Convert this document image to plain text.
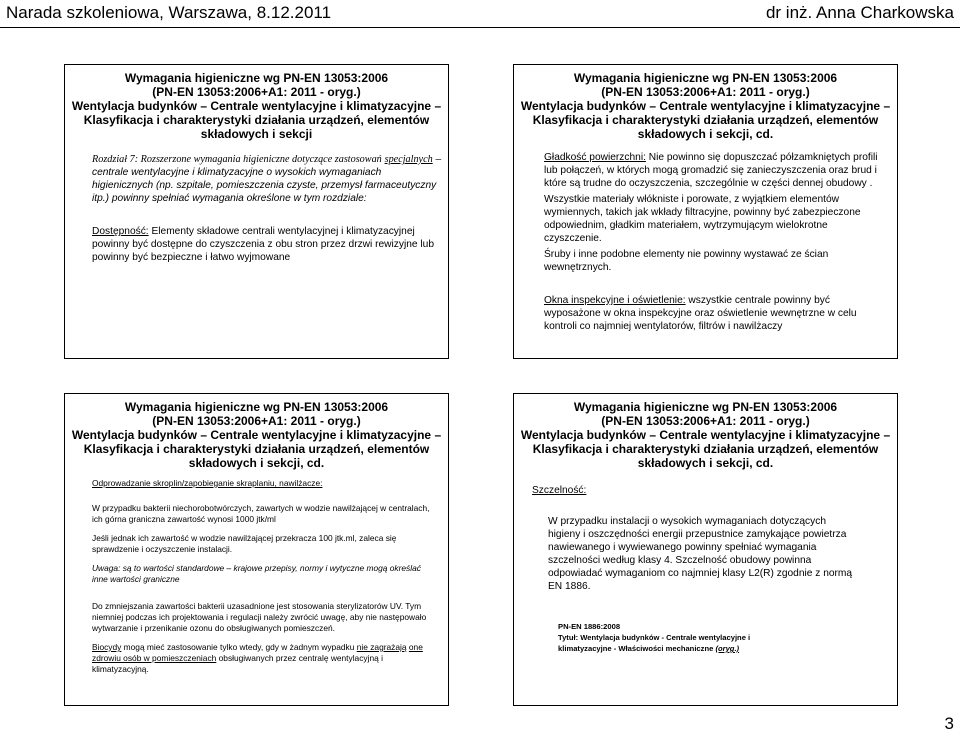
Narada szkoleniowa, Warszawa, 8.12.2011	dr inż. Anna Charkowska
Wymagania higieniczne wg PN-EN 13053:2006
(PN-EN 13053:2006+A1: 2011 - oryg.)
Wentylacja budynków – Centrale wentylacyjne i klimatyzacyjne –
Klasyfikacja i charakterystyki działania urządzeń, elementów
składowych i sekcji

Rozdział 7: Rozszerzone wymagania higieniczne dotyczące zastosowań specjalnych – centrale wentylacyjne i klimatyzacyjne o wysokich wymaganiach higienicznych (np. szpitale, pomieszczenia czyste, przemysł farmaceutyczny itp.) powinny spełniać wymagania określone w tym rozdziale:

Dostępność: Elementy składowe centrali wentylacyjnej i klimatyzacyjnej powinny być dostępne do czyszczenia z obu stron przez drzwi rewizyjne lub powinny być bezpieczne i łatwo wyjmowane

Wymagania higieniczne wg PN-EN 13053:2006
(PN-EN 13053:2006+A1: 2011 - oryg.)
Wentylacja budynków – Centrale wentylacyjne i klimatyzacyjne –
Klasyfikacja i charakterystyki działania urządzeń, elementów
składowych i sekcji, cd.

Gładkość powierzchni: Nie powinno się dopuszczać półzamkniętych profili lub połączeń, w których mogą gromadzić się zanieczyszczenia oraz brud i które są trudne do oczyszczenia, szczególnie w części dennej obudowy .

Wszystkie materiały włókniste i porowate, z wyjątkiem elementów wymiennych, takich jak wkłady filtracyjne, powinny być zabezpieczone odpowiednim, gładkim materiałem, wytrzymującym wielokrotne czyszczenie.

Śruby i inne podobne elementy nie powinny wystawać ze ścian wewnętrznych.

Okna inspekcyjne i oświetlenie: wszystkie centrale powinny być wyposażone w okna inspekcyjne oraz oświetlenie wewnętrzne w celu kontroli co najmniej wentylatorów, filtrów i nawilżaczy

Wymagania higieniczne wg PN-EN 13053:2006
(PN-EN 13053:2006+A1: 2011 - oryg.)
Wentylacja budynków – Centrale wentylacyjne i klimatyzacyjne –
Klasyfikacja i charakterystyki działania urządzeń, elementów
składowych i sekcji, cd.

Odprowadzanie skroplin/zapobieganie skraplaniu, nawilżacze:

W przypadku bakterii niechorobotwórczych, zawartych w wodzie nawilżającej w centralach, ich górna graniczna zawartość wynosi 1000 jtk/ml

Jeśli jednak ich zawartość w wodzie nawilżającej przekracza 100 jtk.ml, zaleca się sprawdzenie i oczyszczenie instalacji.

Uwaga: są to wartości standardowe – krajowe przepisy, normy i wytyczne mogą określać inne wartości graniczne

Do zmniejszania zawartości bakterii uzasadnione jest stosowania sterylizatorów UV. Tym niemniej podczas ich projektowania i regulacji należy zwrócić uwagę, aby nie następowało wytwarzanie i przenikanie ozonu do obsługiwanych pomieszczeń.

Biocydy mogą mieć zastosowanie tylko wtedy, gdy w żadnym wypadku nie zagrażają one zdrowiu osób w pomieszczeniach obsługiwanych przez centralę wentylacyjną i klimatyzacyjną.

Wymagania higieniczne wg PN-EN 13053:2006
(PN-EN 13053:2006+A1: 2011 - oryg.)
Wentylacja budynków – Centrale wentylacyjne i klimatyzacyjne –
Klasyfikacja i charakterystyki działania urządzeń, elementów
składowych i sekcji, cd.

Szczelność:

W przypadku instalacji o wysokich wymaganiach dotyczących higieny i oszczędności energii przepustnice zamykające powietrza nawiewanego i wywiewanego powinny spełniać wymagania szczelności według klasy 4. Szczelność obudowy powinna odpowiadać wymaganiom co najmniej klasy L2(R) zgodnie z normą EN 1886.

PN-EN 1886:2008
Tytuł: Wentylacja budynków - Centrale wentylacyjne i
klimatyzacyjne - Właściwości mechaniczne (oryg.)
3
